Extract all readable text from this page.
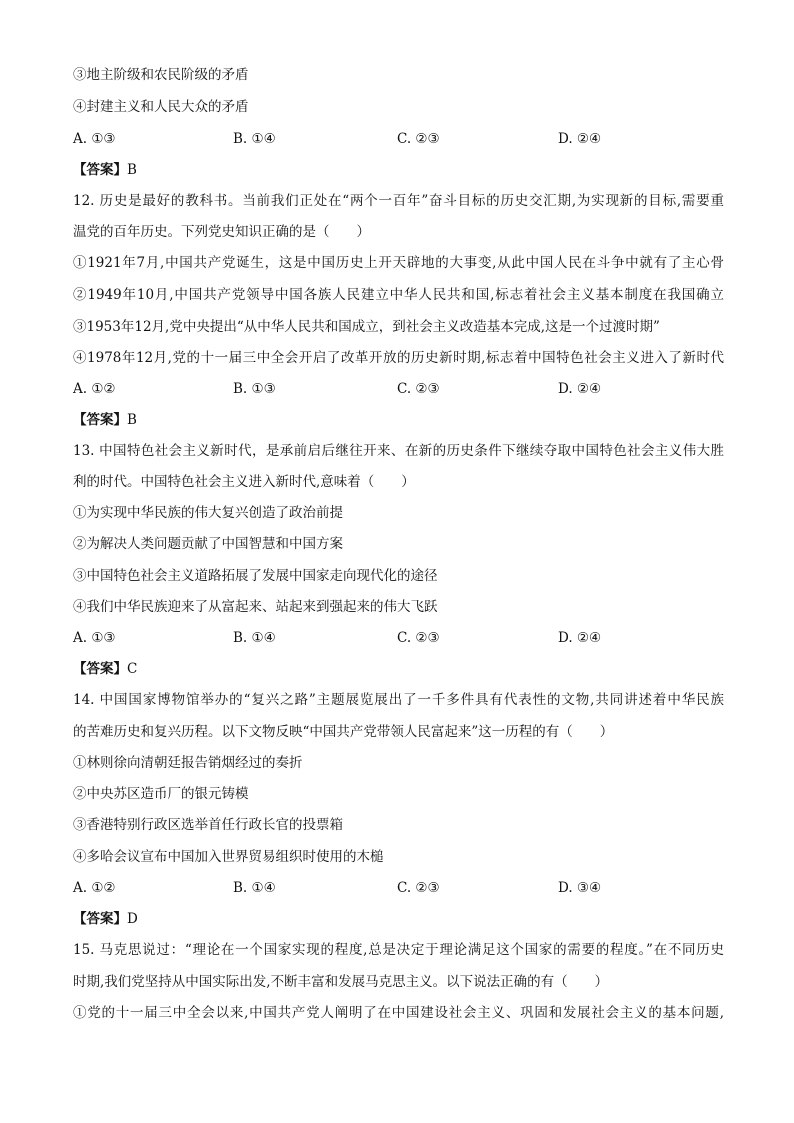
③地主阶级和农民阶级的矛盾
④封建主义和人民大众的矛盾
A. ①③	B. ①④	C. ②③	D. ②④
【答案】B
12. 历史是最好的教科书。当前我们正处在“两个一百年”奋斗目标的历史交汇期,为实现新的目标,需要重
温党的百年历史。下列党史知识正确的是（　　）
①1921年7月,中国共产党诞生，这是中国历史上开天辟地的大事变,从此中国人民在斗争中就有了主心骨
②1949年10月,中国共产党领导中国各族人民建立中华人民共和国,标志着社会主义基本制度在我国确立
③1953年12月,党中央提出“从中华人民共和国成立，到社会主义改造基本完成,这是一个过渡时期”
④1978年12月,党的十一届三中全会开启了改革开放的历史新时期,标志着中国特色社会主义进入了新时代
A. ①②	B. ①③	C. ②③	D. ②④
【答案】B
13. 中国特色社会主义新时代，是承前启后继往开来、在新的历史条件下继续夺取中国特色社会主义伟大胜
利的时代。中国特色社会主义进入新时代,意味着（　　）
①为实现中华民族的伟大复兴创造了政治前提
②为解决人类问题贡献了中国智慧和中国方案
③中国特色社会主义道路拓展了发展中国家走向现代化的途径
④我们中华民族迎来了从富起来、站起来到强起来的伟大飞跃
A. ①③	B. ①④	C. ②③	D. ②④
【答案】C
14. 中国国家博物馆举办的“复兴之路”主题展览展出了一千多件具有代表性的文物,共同讲述着中华民族
的苦难历史和复兴历程。以下文物反映“中国共产党带领人民富起来”这一历程的有（　　）
①林则徐向清朝廷报告销烟经过的奏折
②中央苏区造币厂的银元铸模
③香港特别行政区选举首任行政长官的投票箱
④多哈会议宣布中国加入世界贸易组织时使用的木槌
A. ①②	B. ①④	C. ②③	D. ③④
【答案】D
15. 马克思说过：“理论在一个国家实现的程度,总是决定于理论满足这个国家的需要的程度。”在不同历史
时期,我们党坚持从中国实际出发,不断丰富和发展马克思主义。以下说法正确的有（　　）
①党的十一届三中全会以来,中国共产党人阐明了在中国建设社会主义、巩固和发展社会主义的基本问题,
